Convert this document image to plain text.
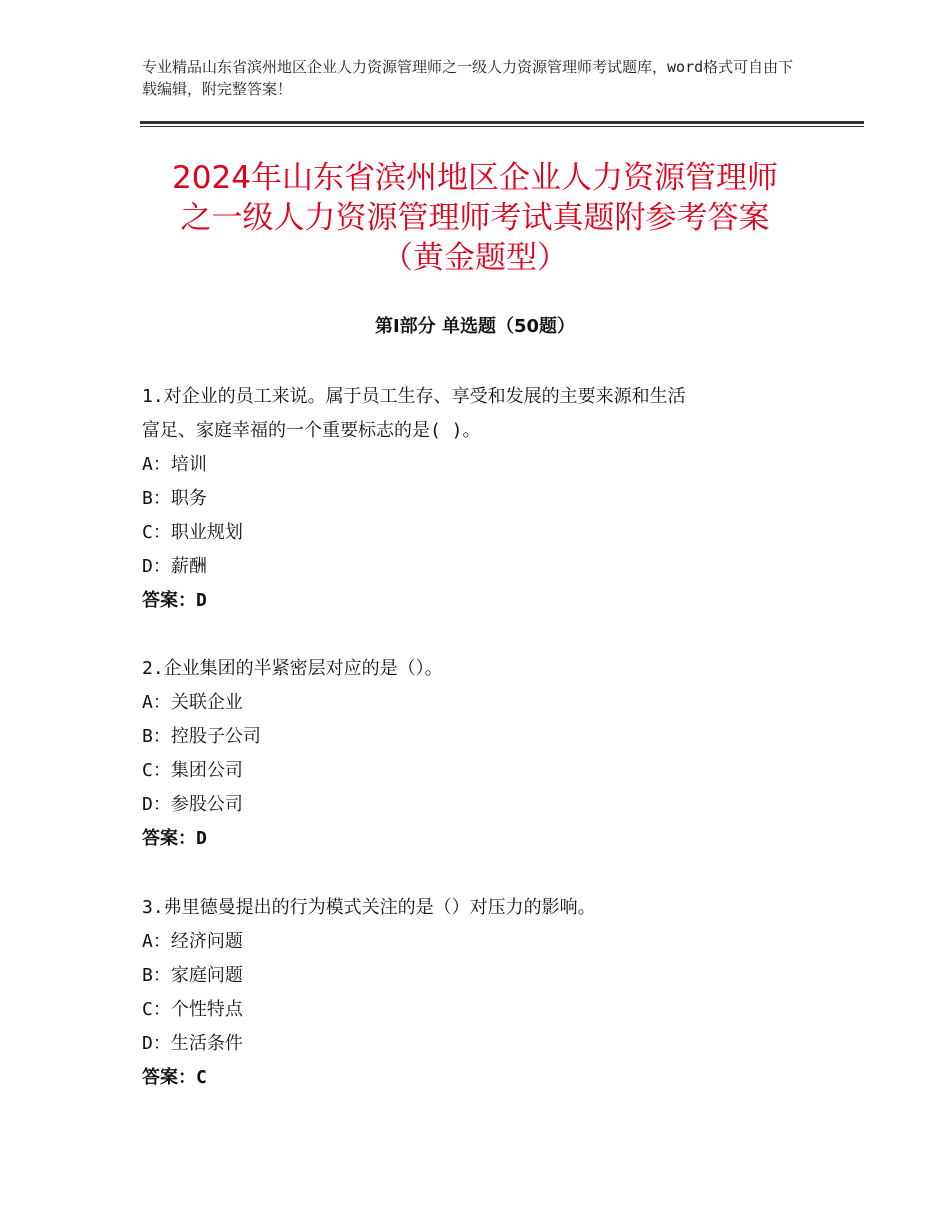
专业精品山东省滨州地区企业人力资源管理师之一级人力资源管理师考试题库，word格式可自由下载编辑，附完整答案！
2024年山东省滨州地区企业人力资源管理师
之一级人力资源管理师考试真题附参考答案
（黄金题型）
第Ⅰ部分 单选题（50题）
1.对企业的员工来说。属于员工生存、享受和发展的主要来源和生活
富足、家庭幸福的一个重要标志的是( )。
A：培训
B：职务
C：职业规划
D：薪酬
答案：D
2.企业集团的半紧密层对应的是（）。
A：关联企业
B：控股子公司
C：集团公司
D：参股公司
答案：D
3.弗里德曼提出的行为模式关注的是（）对压力的影响。
A：经济问题
B：家庭问题
C：个性特点
D：生活条件
答案：C
